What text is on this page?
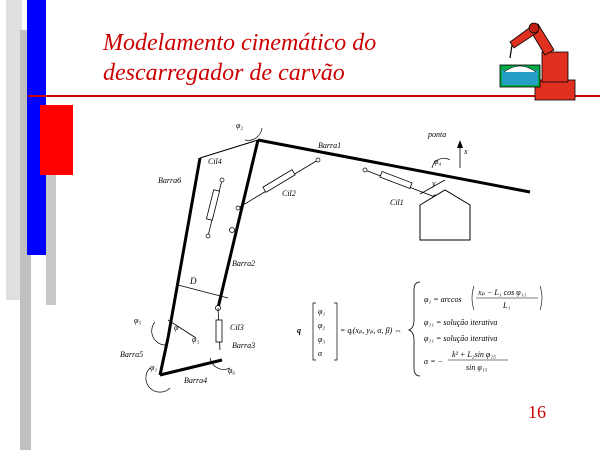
Modelamento cinemático do
descarregador de carvão
φ₂
ponta
x
y
φ₄
Barra1
Cil4
Barra6
Cil2
Cil1
Barra2
D
φ₅
φ
φ₃
Cil3
Barra3
Barra5
φ₁	φ₆
Barra4
q
φ₁
φ₂
φ₃
α
= qᵢ(xₚ, yₚ, α, β) ⇔
φ₁ = arccos
xₚ − L₁ cos φ₁₁
L₁
φ₁₁ = solução iterativa
φ₁₁ = solução iterativa
α = −
k² + L₂sin φ₁₅
sin φ₁₅
16
